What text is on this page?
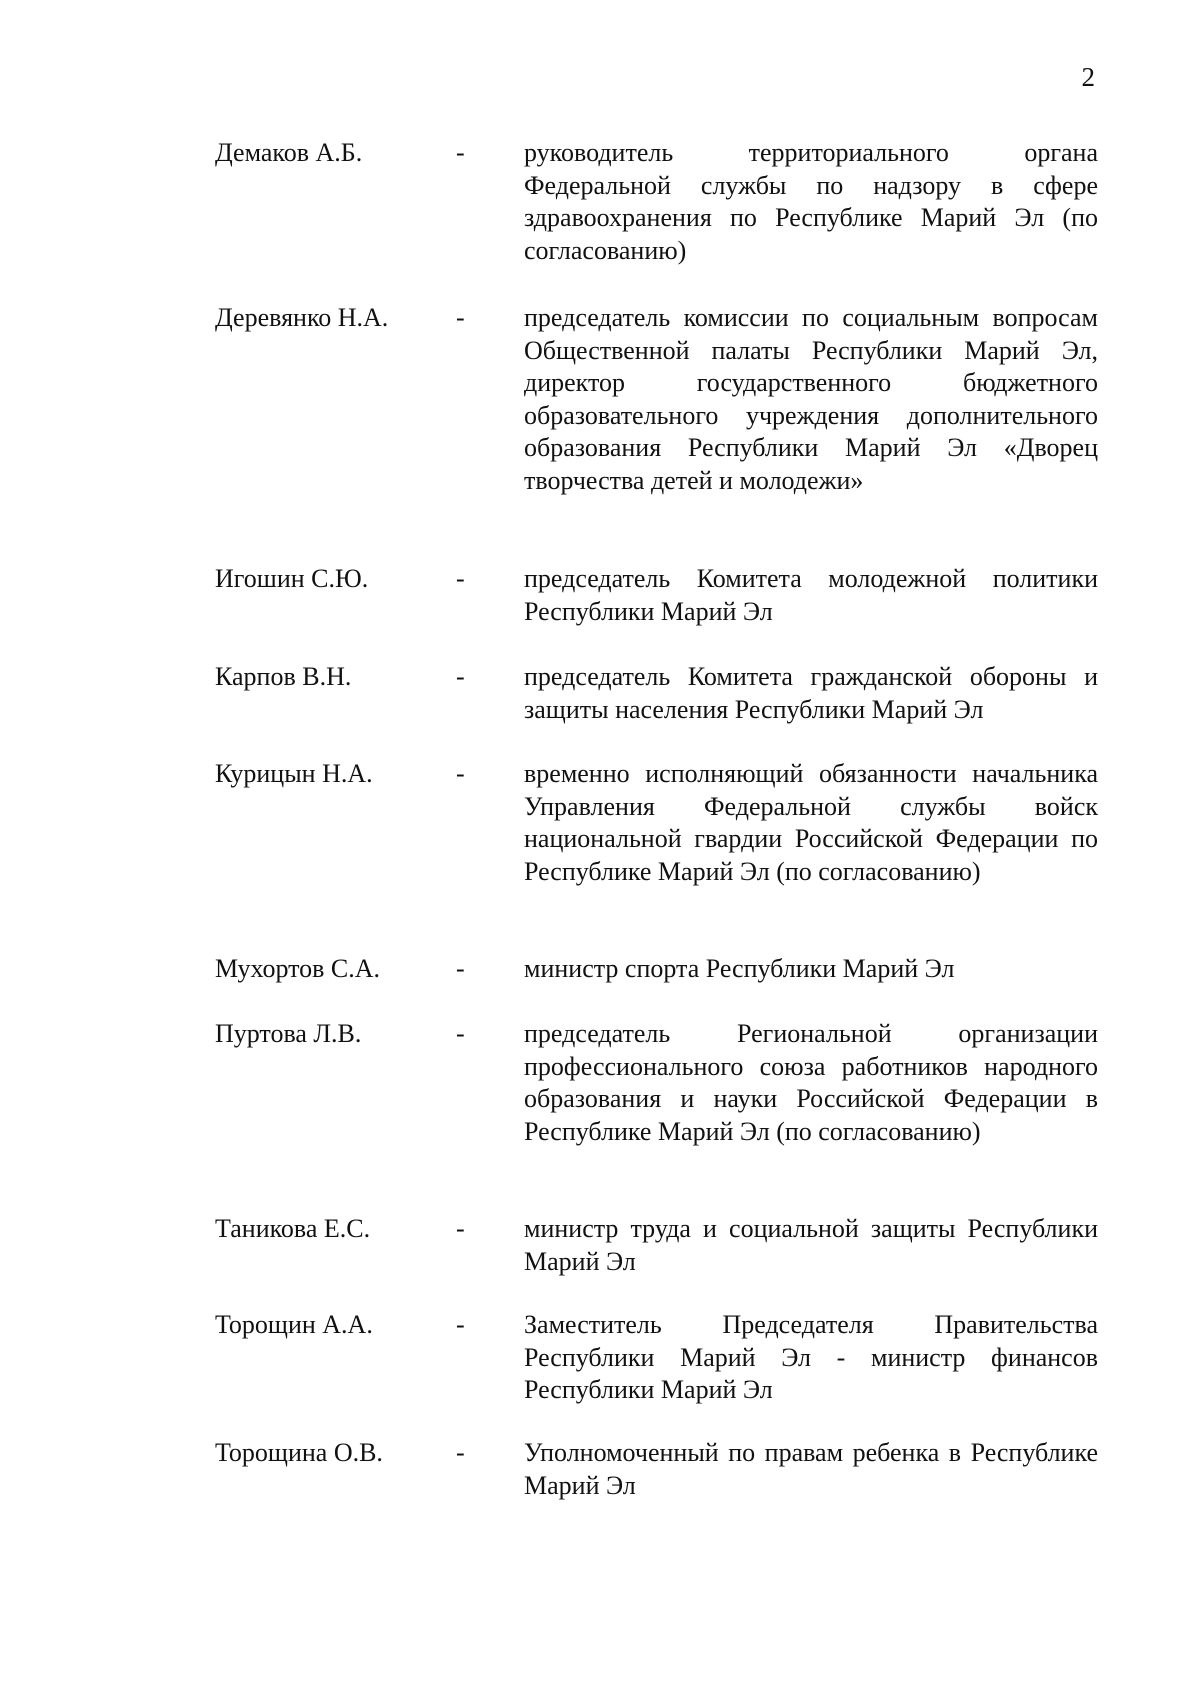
2
Демаков А.Б.	- руководитель территориального органа Федеральной службы по надзору в сфере здравоохранения по Республике Марий Эл (по согласованию)
Деревянко Н.А.	- председатель комиссии по социальным вопросам Общественной палаты Республики Марий Эл, директор государственного бюджетного образовательного учреждения дополнительного образования Республики Марий Эл «Дворец творчества детей и молодежи»
Игошин С.Ю.	- председатель Комитета молодежной политики Республики Марий Эл
Карпов В.Н.	- председатель Комитета гражданской обороны и защиты населения Республики Марий Эл
Курицын Н.А.	- временно исполняющий обязанности начальника Управления Федеральной службы войск национальной гвардии Российской Федерации по Республике Марий Эл (по согласованию)
Мухортов С.А.	- министр спорта Республики Марий Эл
Пуртова Л.В.	- председатель Региональной организации профессионального союза работников народного образования и науки Российской Федерации в Республике Марий Эл (по согласованию)
Таникова Е.С.	- министр труда и социальной защиты Республики Марий Эл
Торощин А.А.	- Заместитель Председателя Правительства Республики Марий Эл - министр финансов Республики Марий Эл
Торощина О.В.	- Уполномоченный по правам ребенка в Республике Марий Эл
